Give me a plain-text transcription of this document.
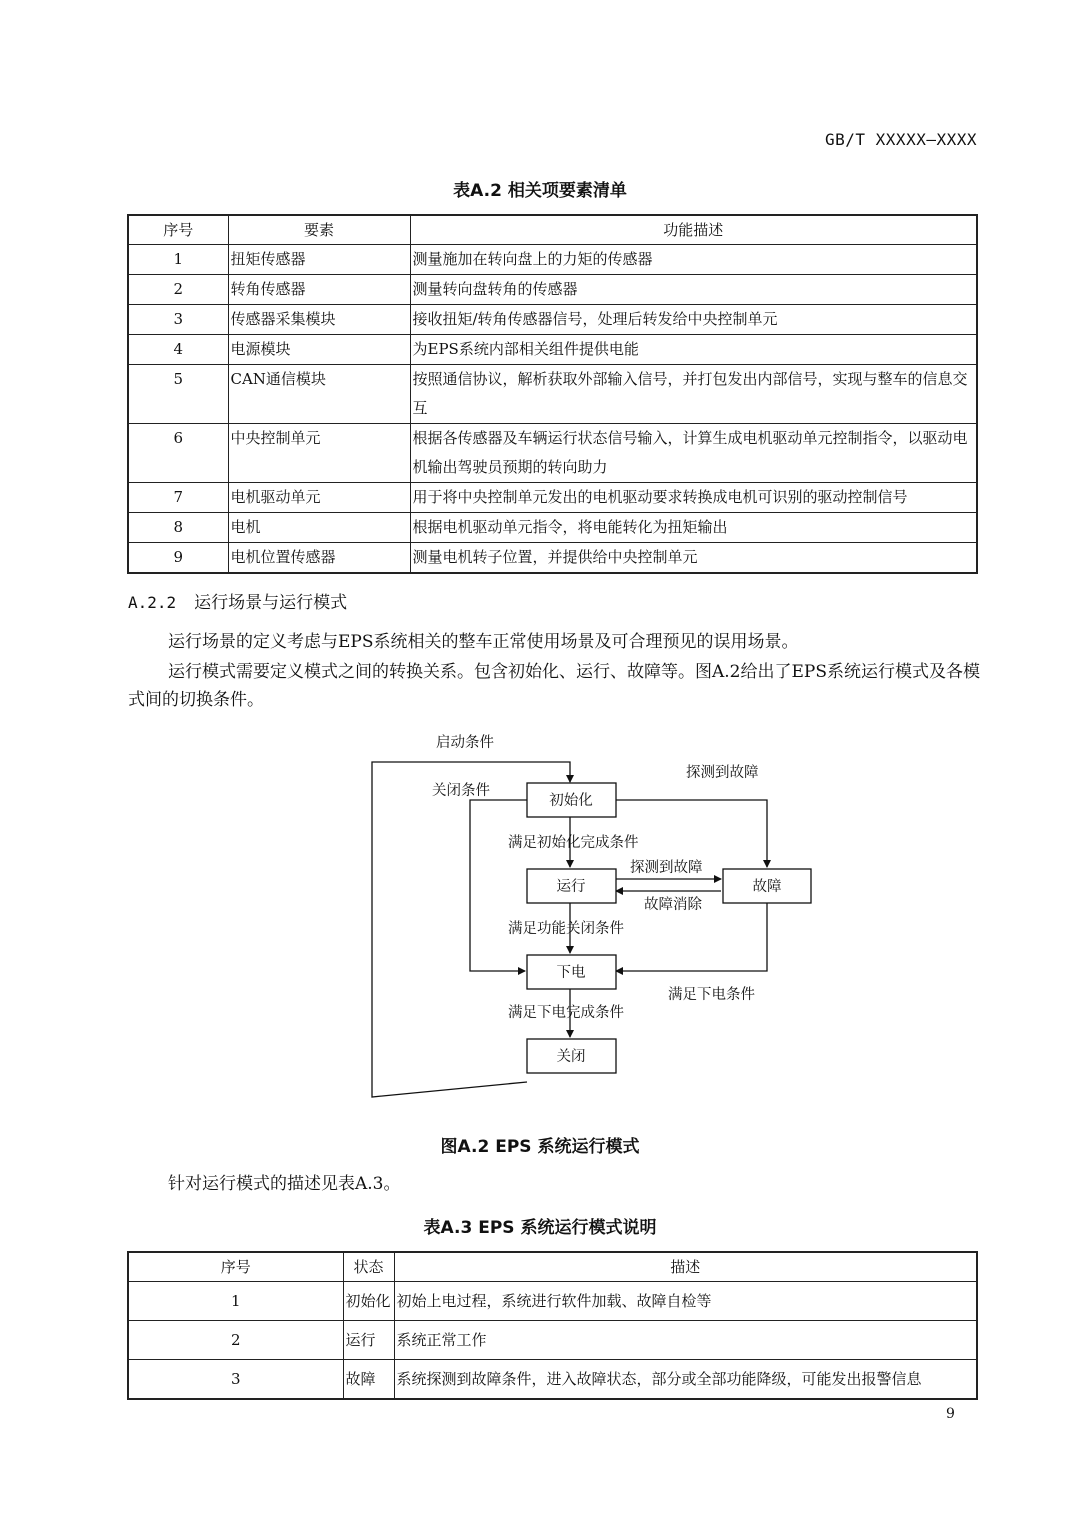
GB/T XXXXX—XXXX
表A.2 相关项要素清单
序号	要素	功能描述
1	扭矩传感器	测量施加在转向盘上的力矩的传感器
2	转角传感器	测量转向盘转角的传感器
3	传感器采集模块	接收扭矩/转角传感器信号，处理后转发给中央控制单元
4	电源模块	为EPS系统内部相关组件提供电能
5	CAN通信模块	按照通信协议，解析获取外部输入信号，并打包发出内部信号，实现与整车的信息交互
6	中央控制单元	根据各传感器及车辆运行状态信号输入，计算生成电机驱动单元控制指令，以驱动电机输出驾驶员预期的转向助力
7	电机驱动单元	用于将中央控制单元发出的电机驱动要求转换成电机可识别的驱动控制信号
8	电机	根据电机驱动单元指令，将电能转化为扭矩输出
9	电机位置传感器	测量电机转子位置，并提供给中央控制单元
A.2.2 运行场景与运行模式
运行场景的定义考虑与EPS系统相关的整车正常使用场景及可合理预见的误用场景。
运行模式需要定义模式之间的转换关系。包含初始化、运行、故障等。图A.2给出了EPS系统运行模式及各模式间的切换条件。
初始化
运行	故障
下电
关闭
启动条件
关闭条件
探测到故障
满足初始化完成条件
探测到故障
故障消除
满足功能关闭条件
满足下电条件
满足下电完成条件
图A.2 EPS 系统运行模式
针对运行模式的描述见表A.3。
表A.3 EPS 系统运行模式说明
序号	状态	描述
1	初始化	初始上电过程，系统进行软件加载、故障自检等
2	运行	系统正常工作
3	故障	系统探测到故障条件，进入故障状态，部分或全部功能降级，可能发出报警信息
9
